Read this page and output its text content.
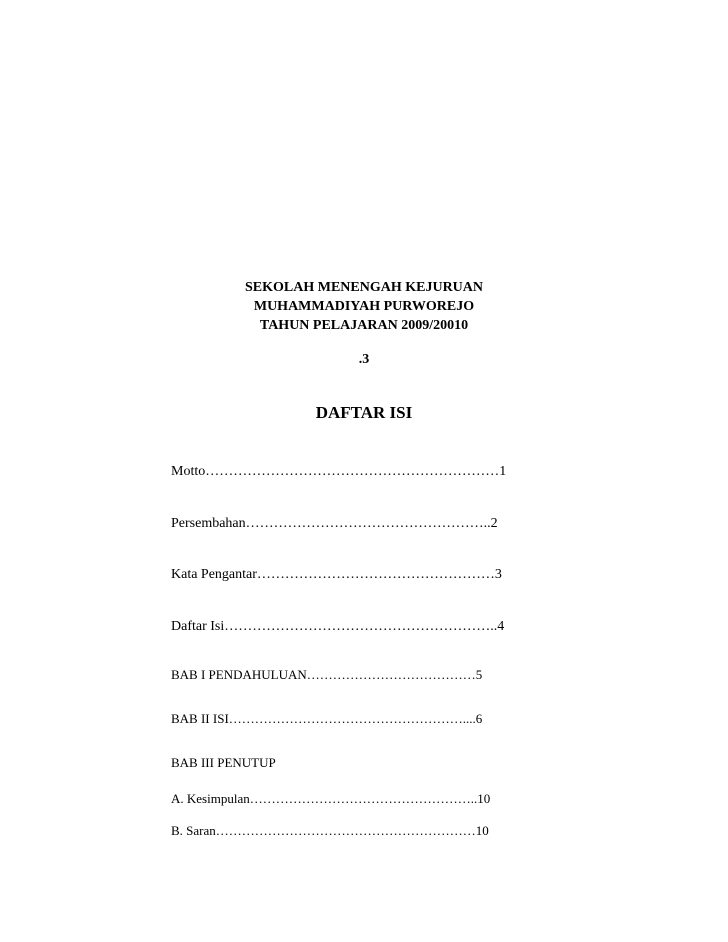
SEKOLAH MENENGAH KEJURUAN
MUHAMMADIYAH PURWOREJO
TAHUN PELAJARAN 2009/20010
.3
DAFTAR ISI
Motto………………………………………………………1
Persembahan……………………………………………..2
Kata Pengantar……………………………………………3
Daftar Isi…………………………………………………..4
BAB I PENDAHULUAN…………………………………5
BAB II ISI………………………………………………....6
BAB III PENUTUP
A. Kesimpulan……………………………………………..10
B. Saran……………………………………………………10
